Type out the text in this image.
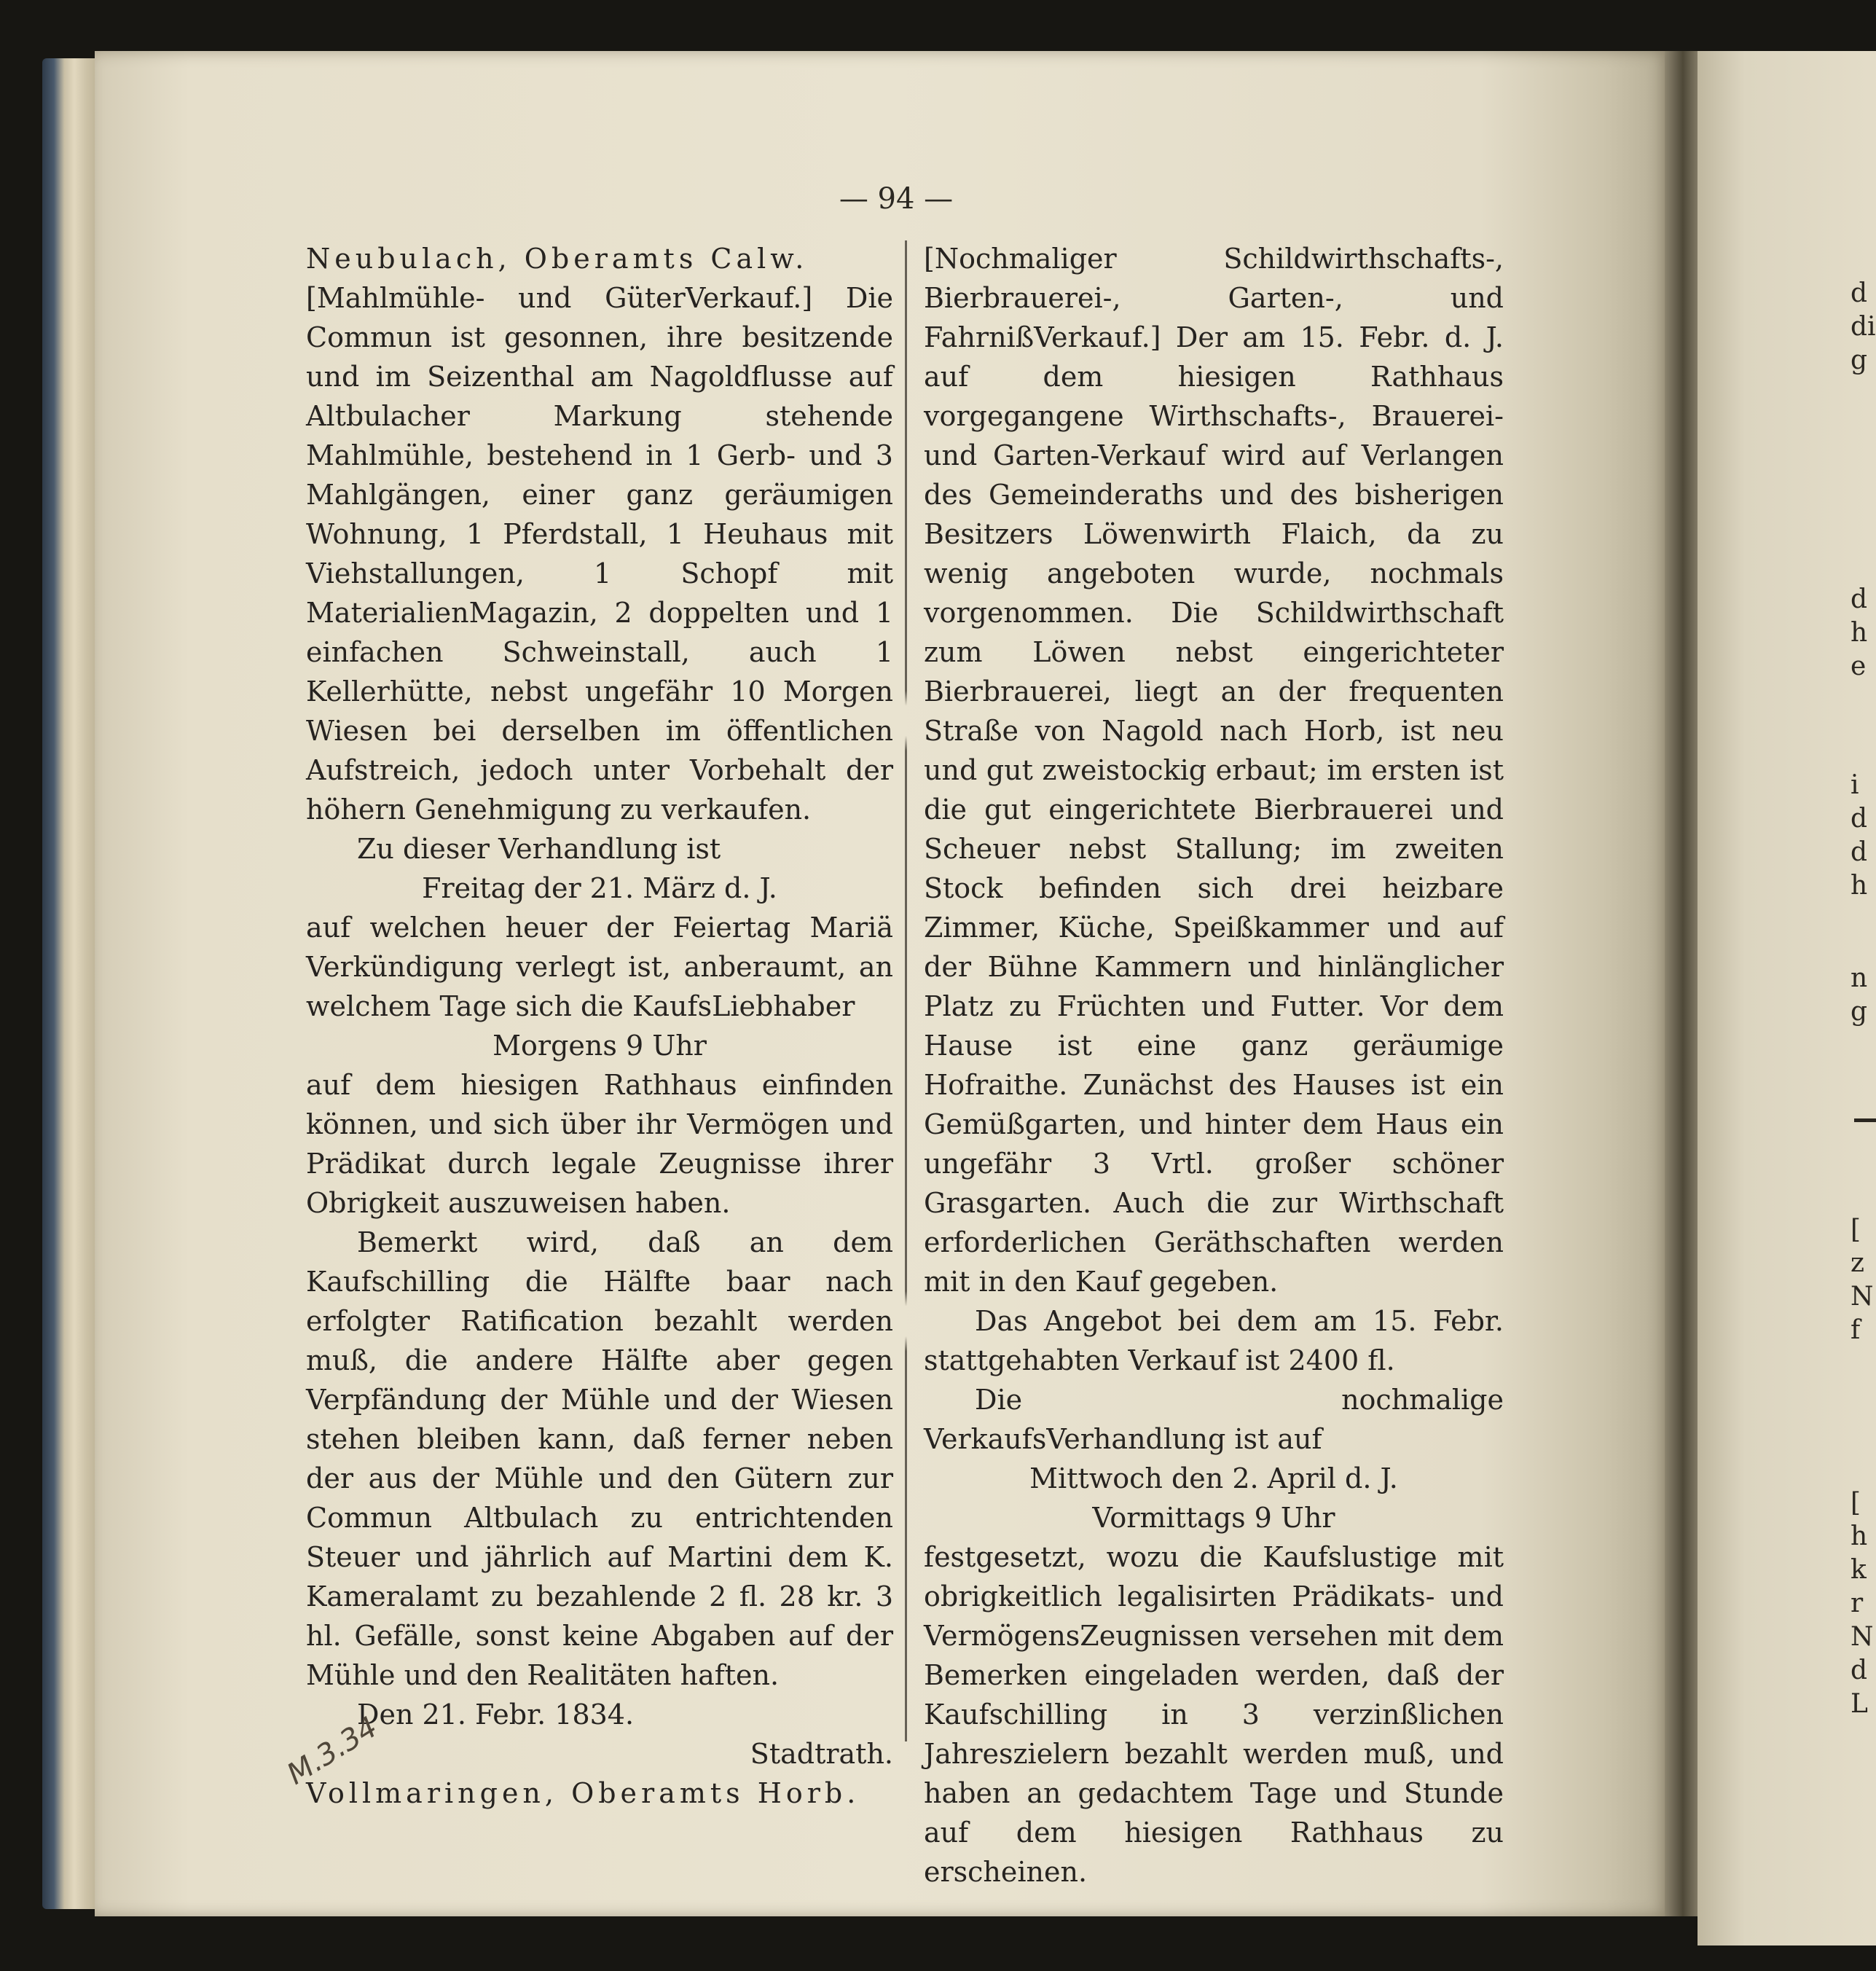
— 94 —

Neubulach, Oberamts Calw.

[Mahlmühle- und GüterVerkauf.] Die Commun ist gesonnen, ihre besitzende und im Seizenthal am Nagoldflusse auf Altbulacher Markung stehende Mahlmühle, bestehend in 1 Gerb- und 3 Mahlgängen, einer ganz geräumigen Wohnung, 1 Pferdstall, 1 Heuhaus mit Viehstallungen, 1 Schopf mit MaterialienMagazin, 2 doppelten und 1 einfachen Schweinstall, auch 1 Kellerhütte, nebst ungefähr 10 Morgen Wiesen bei derselben im öffentlichen Aufstreich, jedoch unter Vorbehalt der höhern Genehmigung zu verkaufen.

Zu dieser Verhandlung ist

Freitag der 21. März d. J.

auf welchen heuer der Feiertag Mariä Verkündigung verlegt ist, anberaumt, an welchem Tage sich die KaufsLiebhaber

Morgens 9 Uhr

auf dem hiesigen Rathhaus einfinden können, und sich über ihr Vermögen und Prädikat durch legale Zeugnisse ihrer Obrigkeit auszuweisen haben.

Bemerkt wird, daß an dem Kaufschilling die Hälfte baar nach erfolgter Ratification bezahlt werden muß, die andere Hälfte aber gegen Verpfändung der Mühle und der Wiesen stehen bleiben kann, daß ferner neben der aus der Mühle und den Gütern zur Commun Altbulach zu entrichtenden Steuer und jährlich auf Martini dem K. Kameralamt zu bezahlende 2 fl. 28 kr. 3 hl. Gefälle, sonst keine Abgaben auf der Mühle und den Realitäten haften.

Den 21. Febr. 1834.

Stadtrath.

Vollmaringen, Oberamts Horb.

[Nochmaliger Schildwirthschafts-, Bierbrauerei-, Garten-, und FahrnißVerkauf.] Der am 15. Febr. d. J. auf dem hiesigen Rathhaus vorgegangene Wirthschafts-, Brauerei- und Garten-Verkauf wird auf Verlangen des Gemeinderaths und des bisherigen Besitzers Löwenwirth Flaich, da zu wenig angeboten wurde, nochmals vorgenommen. Die Schildwirthschaft zum Löwen nebst eingerichteter Bierbrauerei, liegt an der frequenten Straße von Nagold nach Horb, ist neu und gut zweistockig erbaut; im ersten ist die gut eingerichtete Bierbrauerei und Scheuer nebst Stallung; im zweiten Stock befinden sich drei heizbare Zimmer, Küche, Speißkammer und auf der Bühne Kammern und hinlänglicher Platz zu Früchten und Futter. Vor dem Hause ist eine ganz geräumige Hofraithe. Zunächst des Hauses ist ein Gemüßgarten, und hinter dem Haus ein ungefähr 3 Vrtl. großer schöner Grasgarten. Auch die zur Wirthschaft erforderlichen Geräthschaften werden mit in den Kauf gegeben.

Das Angebot bei dem am 15. Febr. stattgehabten Verkauf ist 2400 fl.

Die nochmalige VerkaufsVerhandlung ist auf

Mittwoch den 2. April d. J.

Vormittags 9 Uhr

festgesetzt, wozu die Kaufslustige mit obrigkeitlich legalisirten Prädikats- und VermögensZeugnissen versehen mit dem Bemerken eingeladen werden, daß der Kaufschilling in 3 verzinßlichen Jahreszielern bezahlt werden muß, und haben an gedachtem Tage und Stunde auf dem hiesigen Rathhaus zu erscheinen.

M.3.34
d
di
g
d
h
e
i
d
d
h
n
g
[
z
N
f
[
h
k
r
N
d
L
